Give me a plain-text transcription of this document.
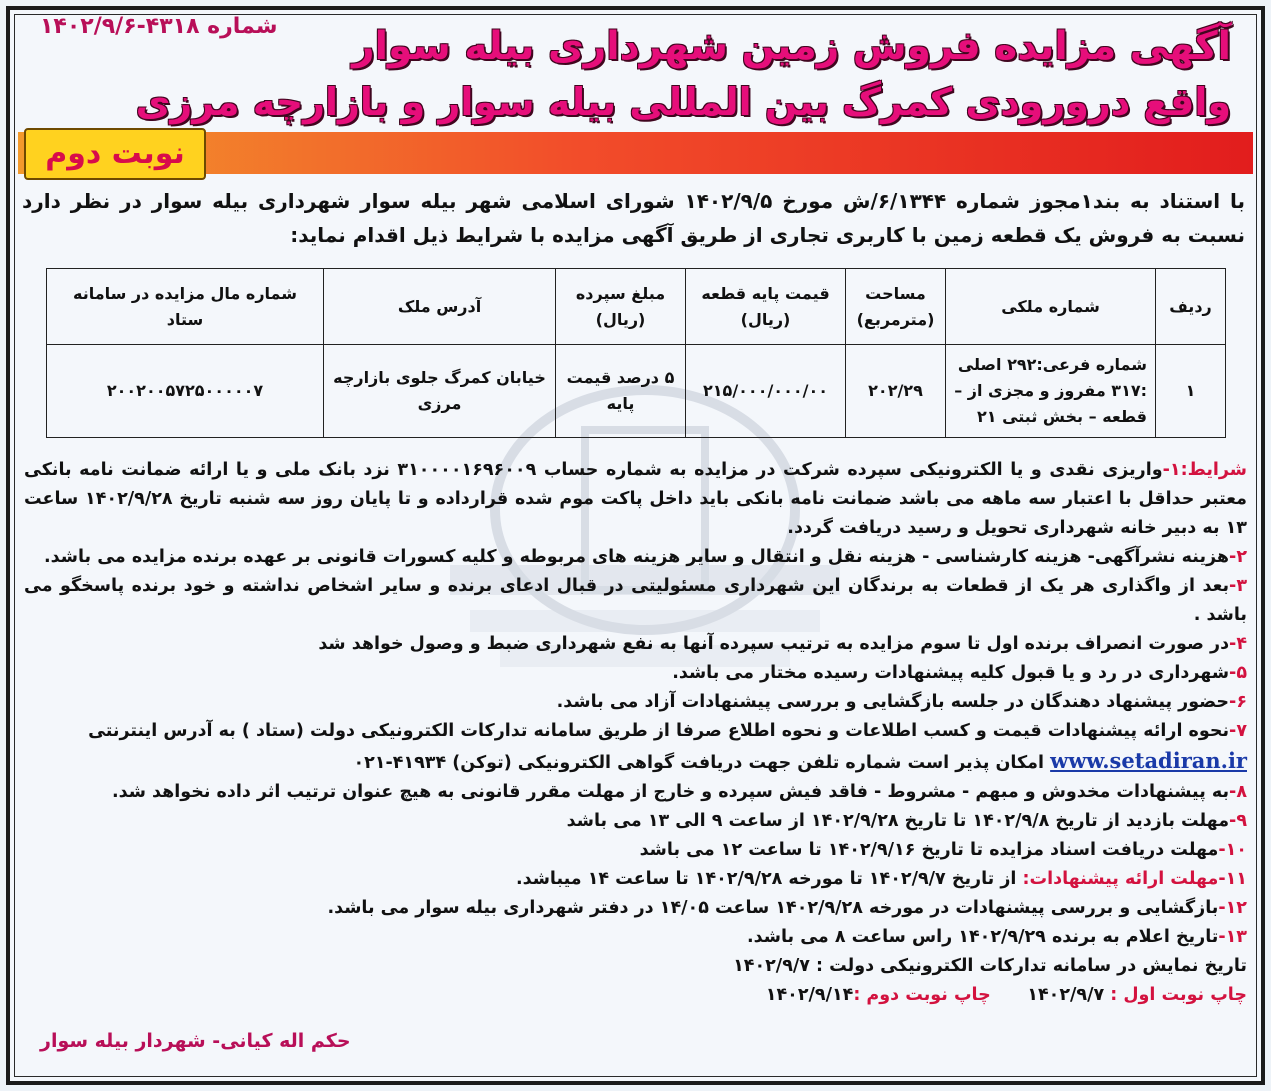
شماره ۴۳۱۸-۱۴۰۲/۹/۶	آگهی مزایده فروش زمین شهرداری بیله سوار
واقع درورودی کمرگ بین المللی بیله سوار و بازارچه مرزی
نوبت دوم
با استناد به بند۱مجوز شماره ۶/۱۳۴۴/ش مورخ ۱۴۰۲/۹/۵ شورای اسلامی شهر بیله سوار شهرداری بیله سوار در نظر دارد نسبت به فروش یک قطعه زمین با کاربری تجاری از طریق آگهی مزایده با شرایط ذیل اقدام نماید:
ردیف	شماره ملکی	مساحت (مترمربع)	قیمت پایه قطعه (ریال)	مبلغ سپرده (ریال)	آدرس ملک	شماره مال مزایده در سامانه ستاد
۱	شماره فرعی:۲۹۲ اصلی :۳۱۷ مفروز و مجزی از –قطعه – بخش ثبتی ۲۱	۲۰۲/۲۹	۲۱۵/۰۰۰/۰۰۰/۰۰	۵ درصد قیمت پایه	خیابان کمرگ جلوی بازارچه مرزی	۲۰۰۲۰۰۵۷۲۵۰۰۰۰۰۷
شرایط:۱-واریزی نقدی و یا الکترونیکی سپرده شرکت در مزایده به شماره حساب ۳۱۰۰۰۰۱۶۹۶۰۰۹ نزد بانک ملی و یا ارائه ضمانت نامه بانکی معتبر حداقل با اعتبار سه ماهه می باشد ضمانت نامه بانکی باید داخل پاکت موم شده قرارداده و تا پایان روز سه شنبه تاریخ ۱۴۰۲/۹/۲۸ ساعت ۱۳ به دبیر خانه شهرداری تحویل و رسید دریافت گردد.
۲-هزینه نشرآگهی- هزینه کارشناسی - هزینه نقل و انتقال و سایر هزینه های مربوطه و کلیه کسورات قانونی بر عهده برنده مزایده می باشد.
۳-بعد از واگذاری هر یک از قطعات به برندگان این شهرداری مسئولیتی در قبال ادعای برنده و سایر اشخاص نداشته و خود برنده پاسخگو می باشد .
۴-در صورت انصراف برنده اول تا سوم مزایده به ترتیب سپرده آنها به نفع شهرداری ضبط و وصول خواهد شد
۵-شهرداری در رد و یا قبول کلیه پیشنهادات رسیده مختار می باشد.
۶-حضور پیشنهاد دهندگان در جلسه بازگشایی و بررسی پیشنهادات آزاد می باشد.
۷-نحوه ارائه پیشنهادات قیمت و کسب اطلاعات و نحوه اطلاع صرفا از طریق سامانه تدارکات الکترونیکی دولت (ستاد ) به آدرس اینترنتی
www.setadiran.ir امکان پذیر است شماره تلفن جهت دریافت گواهی الکترونیکی (توکن) ۴۱۹۳۴-۰۲۱
۸-به پیشنهادات مخدوش و مبهم - مشروط - فاقد فیش سپرده و خارج از مهلت مقرر قانونی به هیچ عنوان ترتیب اثر داده نخواهد شد.
۹-مهلت بازدید از تاریخ ۱۴۰۲/۹/۸ تا تاریخ ۱۴۰۲/۹/۲۸ از ساعت ۹ الی ۱۳ می باشد
۱۰-مهلت دریافت اسناد مزایده تا تاریخ ۱۴۰۲/۹/۱۶ تا ساعت ۱۲ می باشد
۱۱-مهلت ارائه پیشنهادات: از تاریخ ۱۴۰۲/۹/۷ تا مورخه ۱۴۰۲/۹/۲۸ تا ساعت ۱۴ میباشد.
۱۲-بازگشایی و بررسی پیشنهادات در مورخه ۱۴۰۲/۹/۲۸ ساعت ۱۴/۰۵ در دفتر شهرداری بیله سوار می باشد.
۱۳-تاریخ اعلام به برنده ۱۴۰۲/۹/۲۹ راس ساعت ۸ می باشد.
تاریخ نمایش در سامانه تدارکات الکترونیکی دولت : ۱۴۰۲/۹/۷
چاپ نوبت اول : ۱۴۰۲/۹/۷      چاپ نوبت دوم :۱۴۰۲/۹/۱۴
حکم اله کیانی- شهردار بیله سوار
